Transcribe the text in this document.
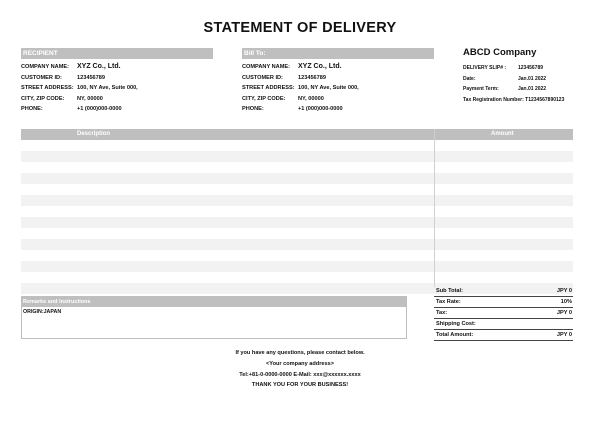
STATEMENT OF DELIVERY
RECIPIENT
COMPANY NAME:	XYZ Co., Ltd.
CUSTOMER ID:	123456789
STREET ADDRESS: 100, NY Ave, Suite 000,
CITY, ZIP CODE:	NY, 00000
PHONE:	+1 (000)000-0000
Bill To:
COMPANY NAME:	XYZ Co., Ltd.
CUSTOMER ID:	123456789
STREET ADDRESS: 100, NY Ave, Suite 000,
CITY, ZIP CODE:	NY, 00000
PHONE:	+1 (000)000-0000
ABCD Company
DELIVERY SLIP# :	123456789
Date:	Jan.01 2022
Payment Term:	Jan.01 2022
Tax Registration Number:
T1234567890123
Description	Amount
Sub Total:	JPY 0
Tax Rate:	10%
Tax:	JPY 0
Shipping Cost:
Total Amount:	JPY 0
Remarks and Instructions
ORIGIN:JAPAN
If you have any questions, please contact below.
<Your company address>
Tel:+81-0-0000-0000 E-Mail: xxx@xxxxxx.xxxx
THANK YOU FOR YOUR BUSINESS!
